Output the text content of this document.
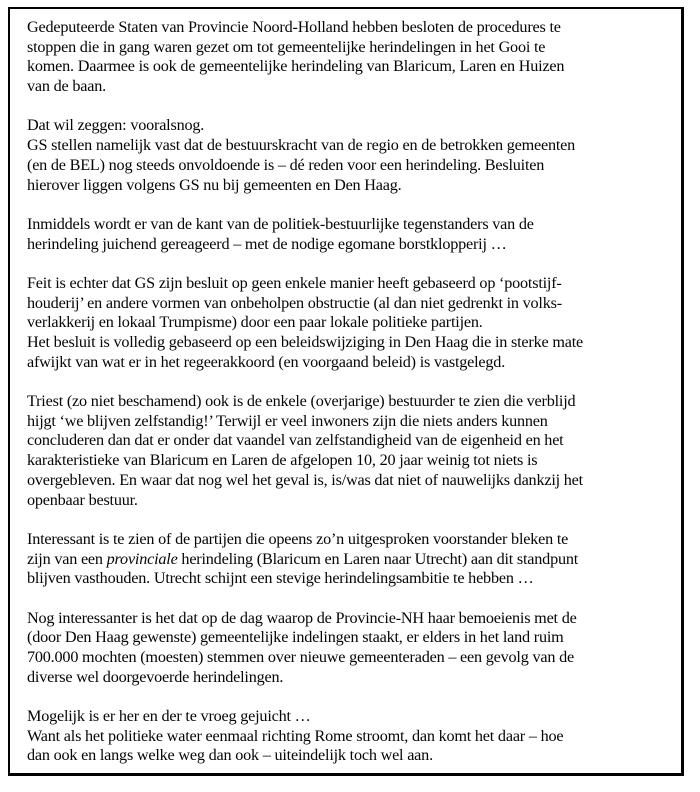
Gedeputeerde Staten van Provincie Noord-Holland hebben besloten de procedures te
stoppen die in gang waren gezet om tot gemeentelijke herindelingen in het Gooi te
komen. Daarmee is ook de gemeentelijke herindeling van Blaricum, Laren en Huizen
van de baan.
Dat wil zeggen: vooralsnog.
GS stellen namelijk vast dat de bestuurskracht van de regio en de betrokken gemeenten
(en de BEL) nog steeds onvoldoende is – dé reden voor een herindeling. Besluiten
hierover liggen volgens GS nu bij gemeenten en Den Haag.
Inmiddels wordt er van de kant van de politiek-bestuurlijke tegenstanders van de
herindeling juichend gereageerd – met de nodige egomane borstklopperij …
Feit is echter dat GS zijn besluit op geen enkele manier heeft gebaseerd op ‘pootstijf-
houderij’ en andere vormen van onbeholpen obstructie (al dan niet gedrenkt in volks-
verlakkerij en lokaal Trumpisme) door een paar lokale politieke partijen.
Het besluit is volledig gebaseerd op een beleidswijziging in Den Haag die in sterke mate
afwijkt van wat er in het regeerakkoord (en voorgaand beleid) is vastgelegd.
Triest (zo niet beschamend) ook is de enkele (overjarige) bestuurder te zien die verblijd
hijgt ‘we blijven zelfstandig!’ Terwijl er veel inwoners zijn die niets anders kunnen
concluderen dan dat er onder dat vaandel van zelfstandigheid van de eigenheid en het
karakteristieke van Blaricum en Laren de afgelopen 10, 20 jaar weinig tot niets is
overgebleven. En waar dat nog wel het geval is, is/was dat niet of nauwelijks dankzij het
openbaar bestuur.
Interessant is te zien of de partijen die opeens zo’n uitgesproken voorstander bleken te
zijn van een provinciale herindeling (Blaricum en Laren naar Utrecht) aan dit standpunt
blijven vasthouden. Utrecht schijnt een stevige herindelingsambitie te hebben …
Nog interessanter is het dat op de dag waarop de Provincie-NH haar bemoeienis met de
(door Den Haag gewenste) gemeentelijke indelingen staakt, er elders in het land ruim
700.000 mochten (moesten) stemmen over nieuwe gemeenteraden – een gevolg van de
diverse wel doorgevoerde herindelingen.
Mogelijk is er her en der te vroeg gejuicht …
Want als het politieke water eenmaal richting Rome stroomt, dan komt het daar – hoe
dan ook en langs welke weg dan ook – uiteindelijk toch wel aan.
